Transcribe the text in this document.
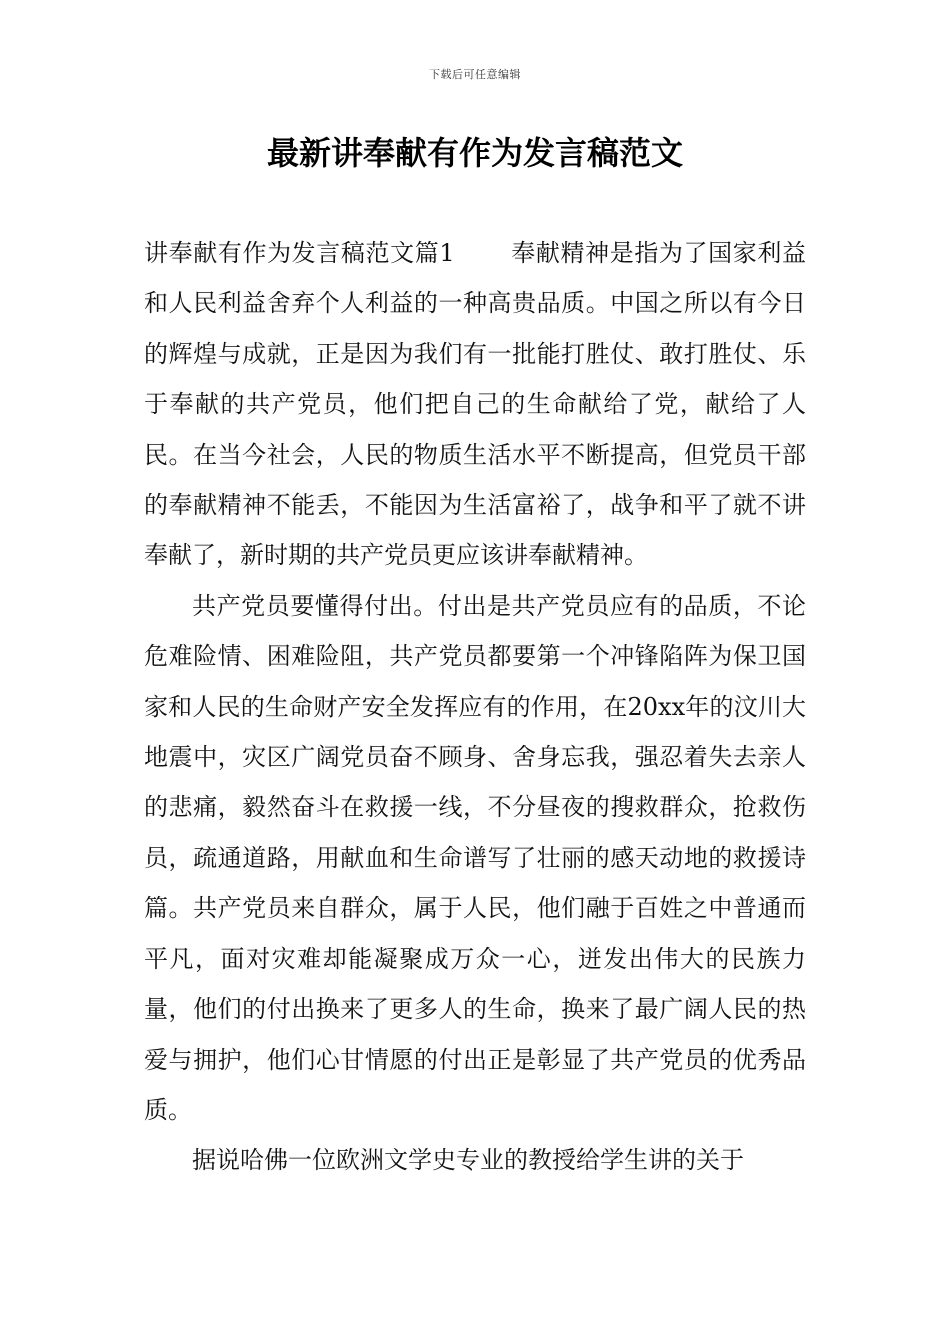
下载后可任意编辑
最新讲奉献有作为发言稿范文

讲奉献有作为发言稿范文篇1 奉献精神是指为了国家利益和人民利益舍弃个人利益的一种高贵品质。中国之所以有今日的辉煌与成就，正是因为我们有一批能打胜仗、敢打胜仗、乐于奉献的共产党员，他们把自己的生命献给了党，献给了人民。在当今社会，人民的物质生活水平不断提高，但党员干部的奉献精神不能丢，不能因为生活富裕了，战争和平了就不讲奉献了，新时期的共产党员更应该讲奉献精神。

共产党员要懂得付出。付出是共产党员应有的品质，不论危难险情、困难险阻，共产党员都要第一个冲锋陷阵为保卫国家和人民的生命财产安全发挥应有的作用，在20xx年的汶川大地震中，灾区广阔党员奋不顾身、舍身忘我，强忍着失去亲人的悲痛，毅然奋斗在救援一线，不分昼夜的搜救群众，抢救伤员，疏通道路，用献血和生命谱写了壮丽的感天动地的救援诗篇。共产党员来自群众，属于人民，他们融于百姓之中普通而平凡，面对灾难却能凝聚成万众一心，迸发出伟大的民族力量，他们的付出换来了更多人的生命，换来了最广阔人民的热爱与拥护，他们心甘情愿的付出正是彰显了共产党员的优秀品质。

据说哈佛一位欧洲文学史专业的教授给学生讲的关于
